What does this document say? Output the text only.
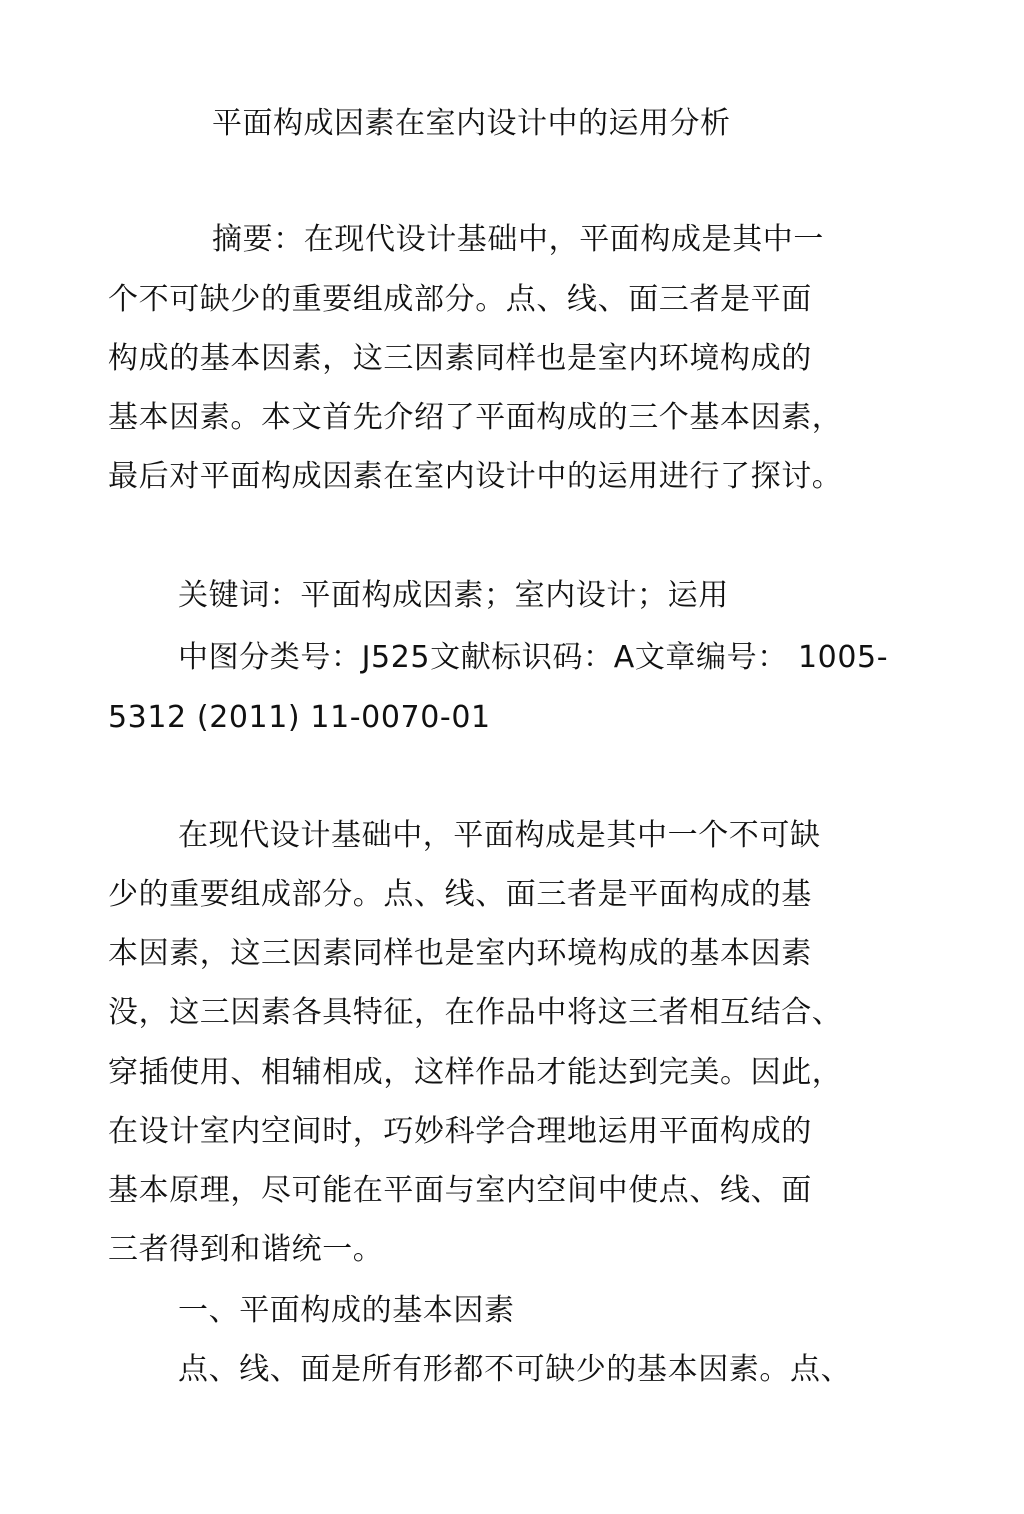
平面构成因素在室内设计中的运用分析
摘要：在现代设计基础中，平面构成是其中一
个不可缺少的重要组成部分。点、线、面三者是平面
构成的基本因素，这三因素同样也是室内环境构成的
基本因素。本文首先介绍了平面构成的三个基本因素，
最后对平面构成因素在室内设计中的运用进行了探讨。
关键词：平面构成因素；室内设计；运用
中图分类号：J525文献标识码：A文章编号： 1005-
5312 (2011) 11-0070-01
在现代设计基础中，平面构成是其中一个不可缺
少的重要组成部分。点、线、面三者是平面构成的基
本因素，这三因素同样也是室内环境构成的基本因素
没，这三因素各具特征，在作品中将这三者相互结合、
穿插使用、相辅相成，这样作品才能达到完美。因此，
在设计室内空间时，巧妙科学合理地运用平面构成的
基本原理，尽可能在平面与室内空间中使点、线、面
三者得到和谐统一。
一、平面构成的基本因素
点、线、面是所有形都不可缺少的基本因素。点、
